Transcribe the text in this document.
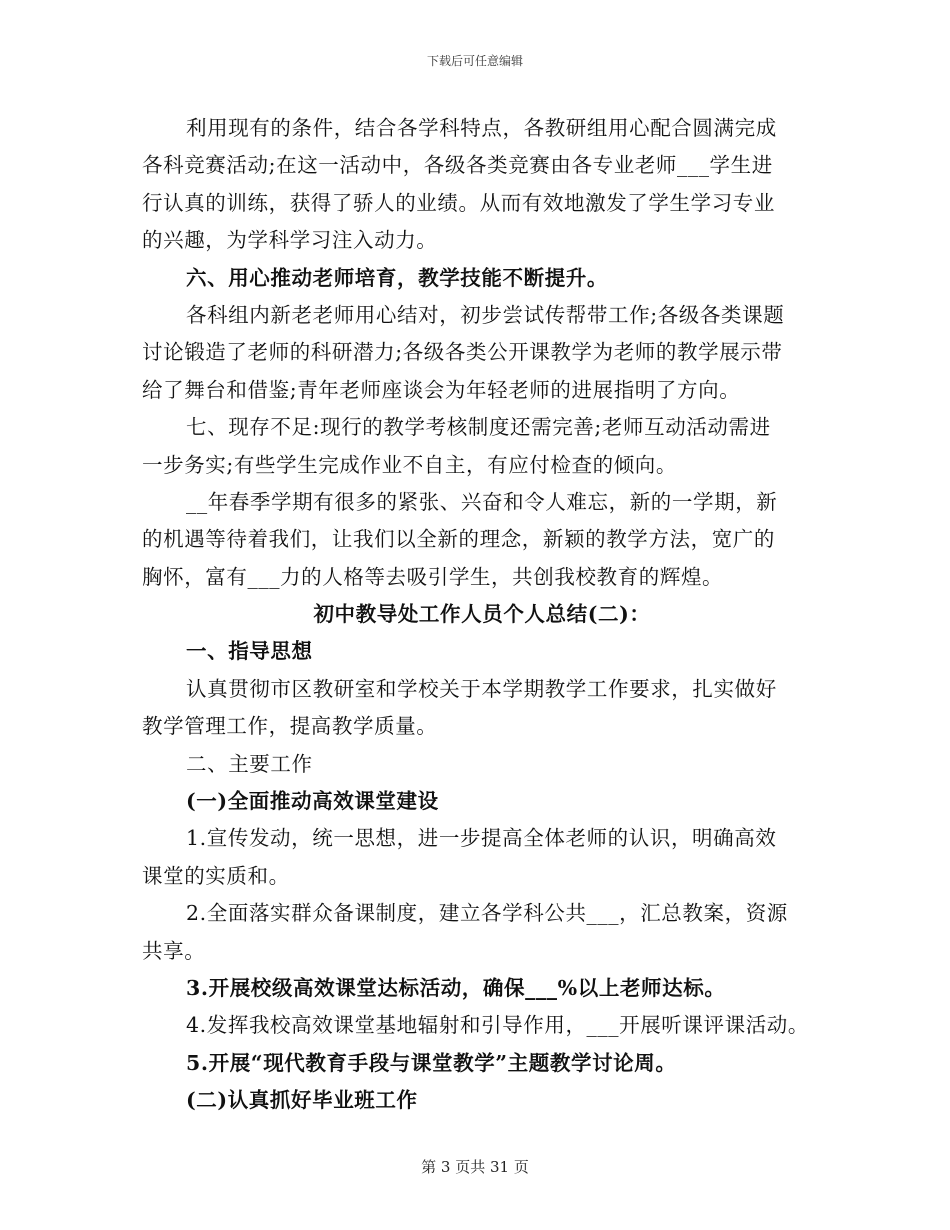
下载后可任意编辑
利用现有的条件，结合各学科特点，各教研组用心配合圆满完成
各科竞赛活动;在这一活动中，各级各类竞赛由各专业老师___学生进
行认真的训练，获得了骄人的业绩。从而有效地激发了学生学习专业
的兴趣，为学科学习注入动力。
六、用心推动老师培育，教学技能不断提升。
各科组内新老老师用心结对，初步尝试传帮带工作;各级各类课题
讨论锻造了老师的科研潜力;各级各类公开课教学为老师的教学展示带
给了舞台和借鉴;青年老师座谈会为年轻老师的进展指明了方向。
七、现存不足:现行的教学考核制度还需完善;老师互动活动需进
一步务实;有些学生完成作业不自主，有应付检查的倾向。
__年春季学期有很多的紧张、兴奋和令人难忘，新的一学期，新
的机遇等待着我们，让我们以全新的理念，新颖的教学方法，宽广的
胸怀，富有___力的人格等去吸引学生，共创我校教育的辉煌。
初中教导处工作人员个人总结(二)：
一、指导思想
认真贯彻市区教研室和学校关于本学期教学工作要求，扎实做好
教学管理工作，提高教学质量。
二、主要工作
(一)全面推动高效课堂建设
1.宣传发动，统一思想，进一步提高全体老师的认识，明确高效
课堂的实质和。
2.全面落实群众备课制度，建立各学科公共___，汇总教案，资源
共享。
3.开展校级高效课堂达标活动，确保___%以上老师达标。
4.发挥我校高效课堂基地辐射和引导作用，___开展听课评课活动。
5.开展“现代教育手段与课堂教学”主题教学讨论周。
(二)认真抓好毕业班工作
第 3 页共 31 页
